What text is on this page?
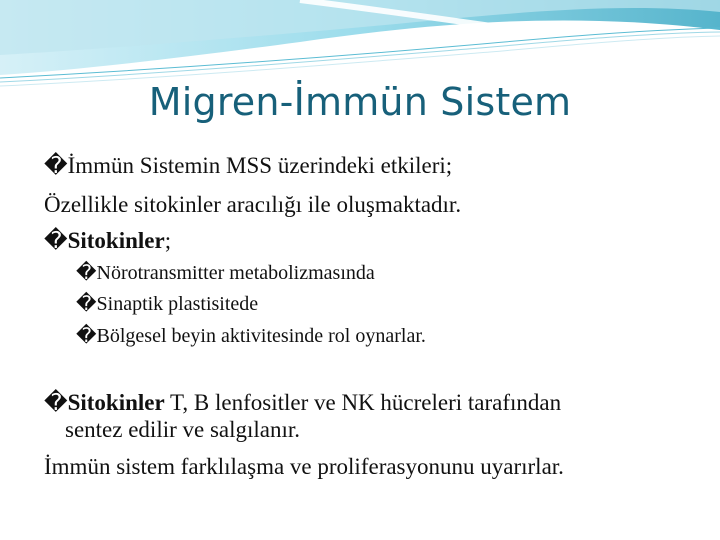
Migren-İmmün Sistem
�İmmün Sistemin MSS üzerindeki etkileri;
Özellikle sitokinler aracılığı ile oluşmaktadır.
�Sitokinler;
�Nörotransmitter metabolizmasında
�Sinaptik plastisitede
�Bölgesel beyin aktivitesinde rol oynarlar.
�Sitokinler T, B lenfositler ve NK hücreleri tarafından
sentez edilir ve salgılanır.
İmmün sistem farklılaşma ve proliferasyonunu uyarırlar.
